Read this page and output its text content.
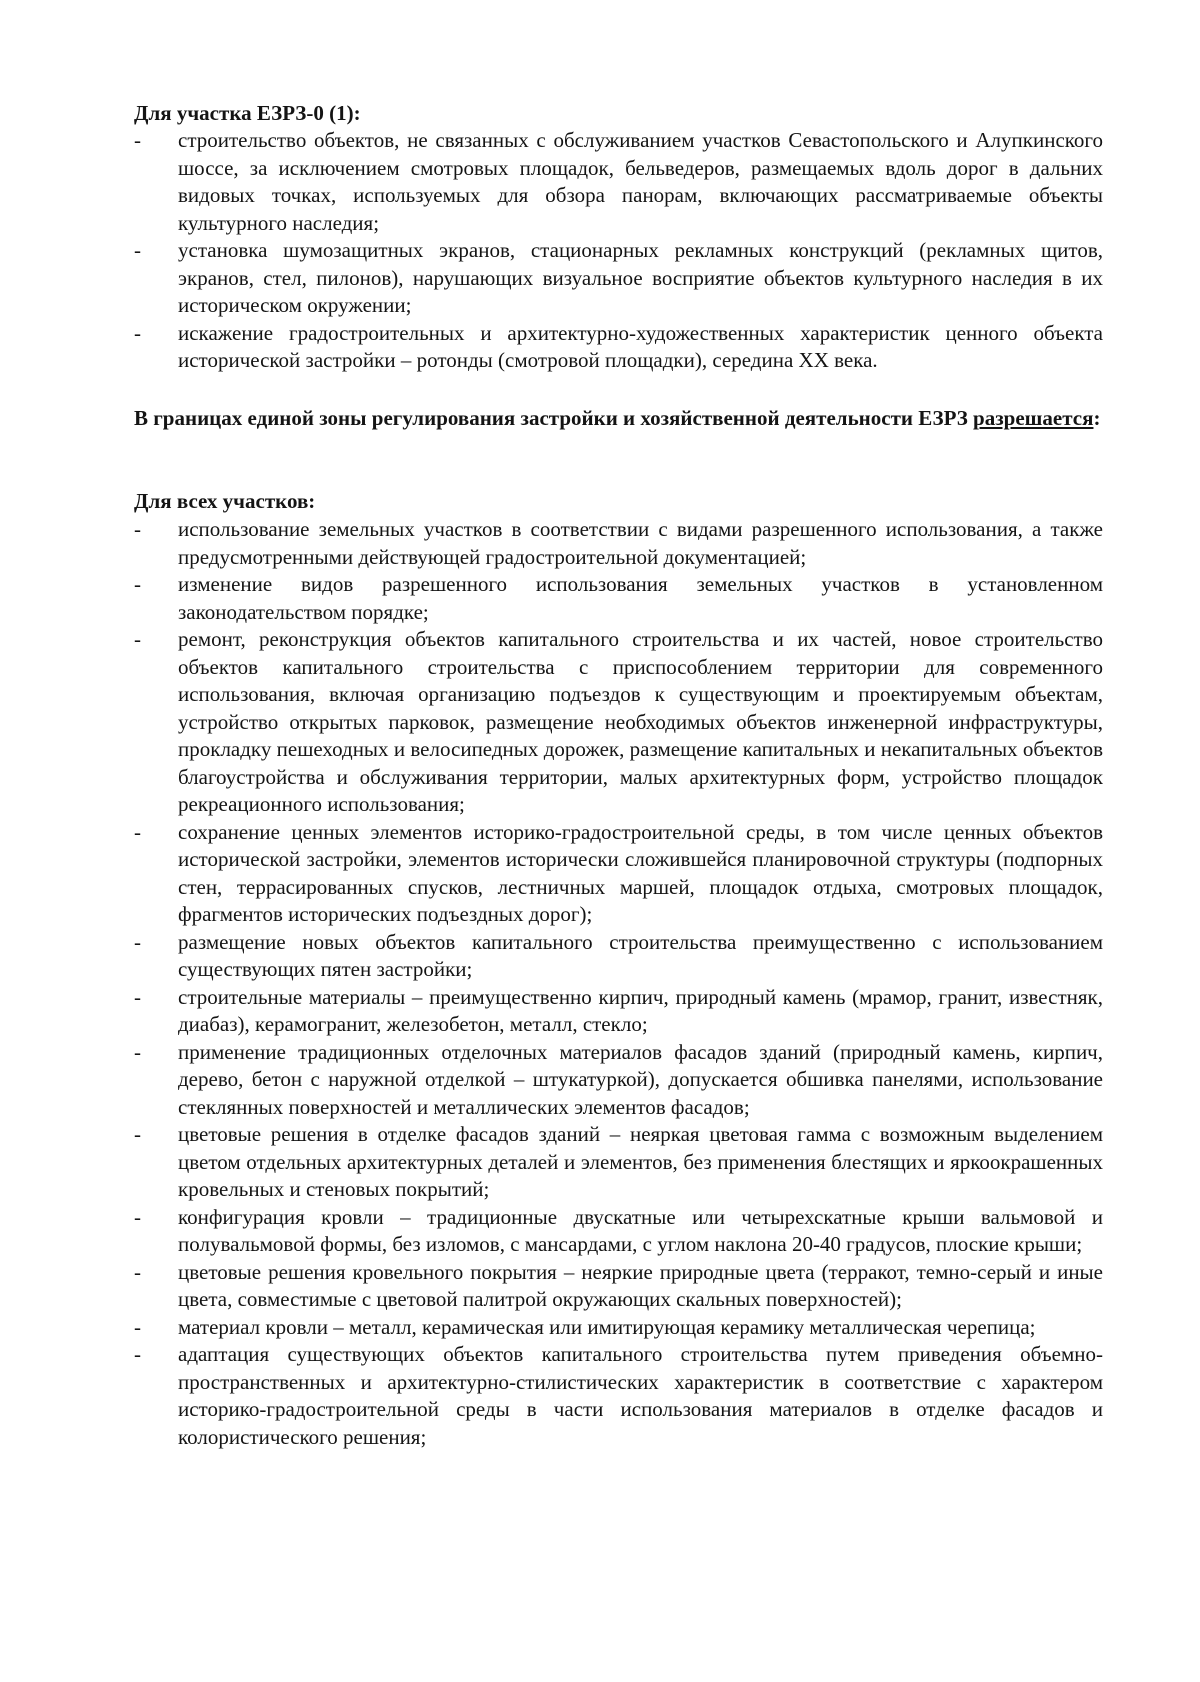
Для участка ЕЗРЗ-0 (1):

-	строительство объектов, не связанных с обслуживанием участков Севастопольского и Алупкинского шоссе, за исключением смотровых площадок, бельведеров, размещаемых вдоль дорог в дальних видовых точках, используемых для обзора панорам, включающих рассматриваемые объекты культурного наследия;
-	установка шумозащитных экранов, стационарных рекламных конструкций (рекламных щитов, экранов, стел, пилонов), нарушающих визуальное восприятие объектов культурного наследия в их историческом окружении;
-	искажение градостроительных и архитектурно-художественных характеристик ценного объекта исторической застройки – ротонды (смотровой площадки), середина XX века.

В границах единой зоны регулирования застройки и хозяйственной деятельности ЕЗРЗ разрешается:

Для всех участков:

-	использование земельных участков в соответствии с видами разрешенного использования, а также предусмотренными действующей градостроительной документацией;
-	изменение видов разрешенного использования земельных участков в установленном законодательством порядке;
-	ремонт, реконструкция объектов капитального строительства и их частей, новое строительство объектов капитального строительства с приспособлением территории для современного использования, включая организацию подъездов к существующим и проектируемым объектам, устройство открытых парковок, размещение необходимых объектов инженерной инфраструктуры, прокладку пешеходных и велосипедных дорожек, размещение капитальных и некапитальных объектов благоустройства и обслуживания территории, малых архитектурных форм, устройство площадок рекреационного использования;
-	сохранение ценных элементов историко-градостроительной среды, в том числе ценных объектов исторической застройки, элементов исторически сложившейся планировочной структуры (подпорных стен, террасированных спусков, лестничных маршей, площадок отдыха, смотровых площадок, фрагментов исторических подъездных дорог);
-	размещение новых объектов капитального строительства преимущественно с использованием существующих пятен застройки;
-	строительные материалы – преимущественно кирпич, природный камень (мрамор, гранит, известняк, диабаз), керамогранит, железобетон, металл, стекло;
-	применение традиционных отделочных материалов фасадов зданий (природный камень, кирпич, дерево, бетон с наружной отделкой – штукатуркой), допускается обшивка панелями, использование стеклянных поверхностей и металлических элементов фасадов;
-	цветовые решения в отделке фасадов зданий – неяркая цветовая гамма с возможным выделением цветом отдельных архитектурных деталей и элементов, без применения блестящих и яркоокрашенных кровельных и стеновых покрытий;
-	конфигурация кровли – традиционные двускатные или четырехскатные крыши вальмовой и полувальмовой формы, без изломов, с мансардами, с углом наклона 20-40 градусов, плоские крыши;
-	цветовые решения кровельного покрытия – неяркие природные цвета (терракот, темно-серый и иные цвета, совместимые с цветовой палитрой окружающих скальных поверхностей);
-	материал кровли – металл, керамическая или имитирующая керамику металлическая черепица;
-	адаптация существующих объектов капитального строительства путем приведения объемно-пространственных и архитектурно-стилистических характеристик в соответствие с характером историко-градостроительной среды в части использования материалов в отделке фасадов и колористического решения;
